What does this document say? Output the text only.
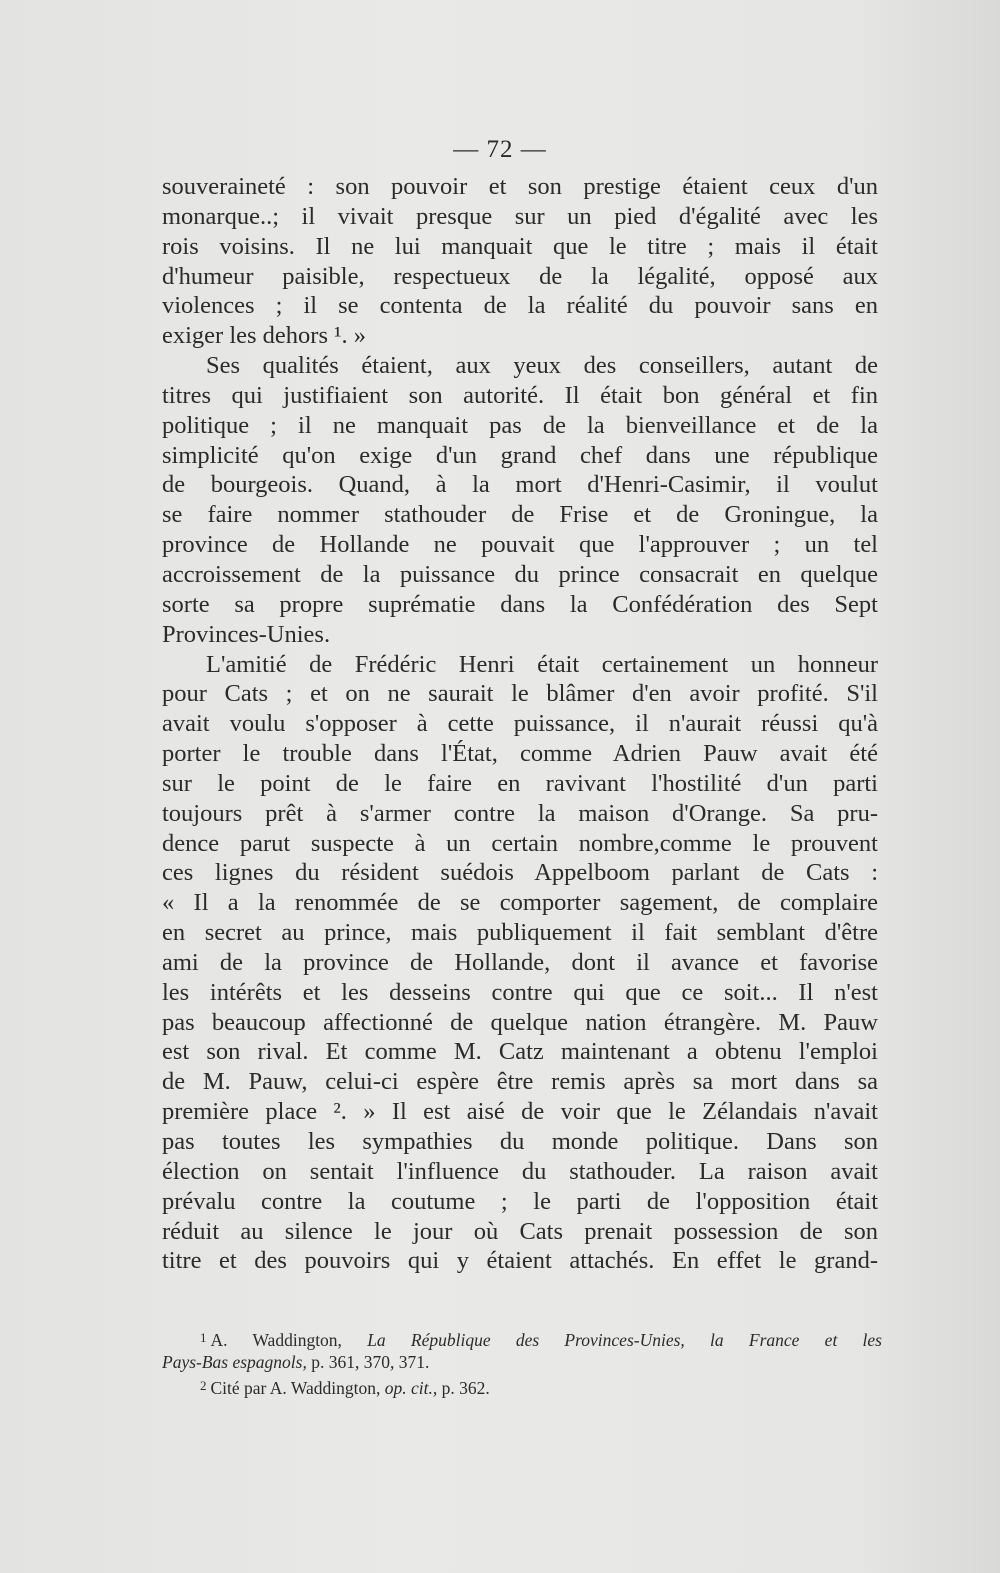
— 72 —
souveraineté : son pouvoir et son prestige étaient ceux d'un
monarque..; il vivait presque sur un pied d'égalité avec les
rois voisins. Il ne lui manquait que le titre ; mais il était
d'humeur paisible, respectueux de la légalité, opposé aux
violences ; il se contenta de la réalité du pouvoir sans en
exiger les dehors ¹. »
Ses qualités étaient, aux yeux des conseillers, autant de
titres qui justifiaient son autorité. Il était bon général et fin
politique ; il ne manquait pas de la bienveillance et de la
simplicité qu'on exige d'un grand chef dans une république
de bourgeois. Quand, à la mort d'Henri-Casimir, il voulut
se faire nommer stathouder de Frise et de Groningue, la
province de Hollande ne pouvait que l'approuver ; un tel
accroissement de la puissance du prince consacrait en quelque
sorte sa propre suprématie dans la Confédération des Sept
Provinces-Unies.
L'amitié de Frédéric Henri était certainement un honneur
pour Cats ; et on ne saurait le blâmer d'en avoir profité. S'il
avait voulu s'opposer à cette puissance, il n'aurait réussi qu'à
porter le trouble dans l'État, comme Adrien Pauw avait été
sur le point de le faire en ravivant l'hostilité d'un parti
toujours prêt à s'armer contre la maison d'Orange. Sa pru-
dence parut suspecte à un certain nombre,comme le prouvent
ces lignes du résident suédois Appelboom parlant de Cats :
« Il a la renommée de se comporter sagement, de complaire
en secret au prince, mais publiquement il fait semblant d'être
ami de la province de Hollande, dont il avance et favorise
les intérêts et les desseins contre qui que ce soit... Il n'est
pas beaucoup affectionné de quelque nation étrangère. M. Pauw
est son rival. Et comme M. Catz maintenant a obtenu l'emploi
de M. Pauw, celui-ci espère être remis après sa mort dans sa
première place ². » Il est aisé de voir que le Zélandais n'avait
pas toutes les sympathies du monde politique. Dans son
élection on sentait l'influence du stathouder. La raison avait
prévalu contre la coutume ; le parti de l'opposition était
réduit au silence le jour où Cats prenait possession de son
titre et des pouvoirs qui y étaient attachés. En effet le grand-
$^1$ A. Waddington, La République des Provinces-Unies, la France et les
Pays-Bas espagnols, p. 361, 370, 371.
$^2$ Cité par A. Waddington, op. cit., p. 362.
